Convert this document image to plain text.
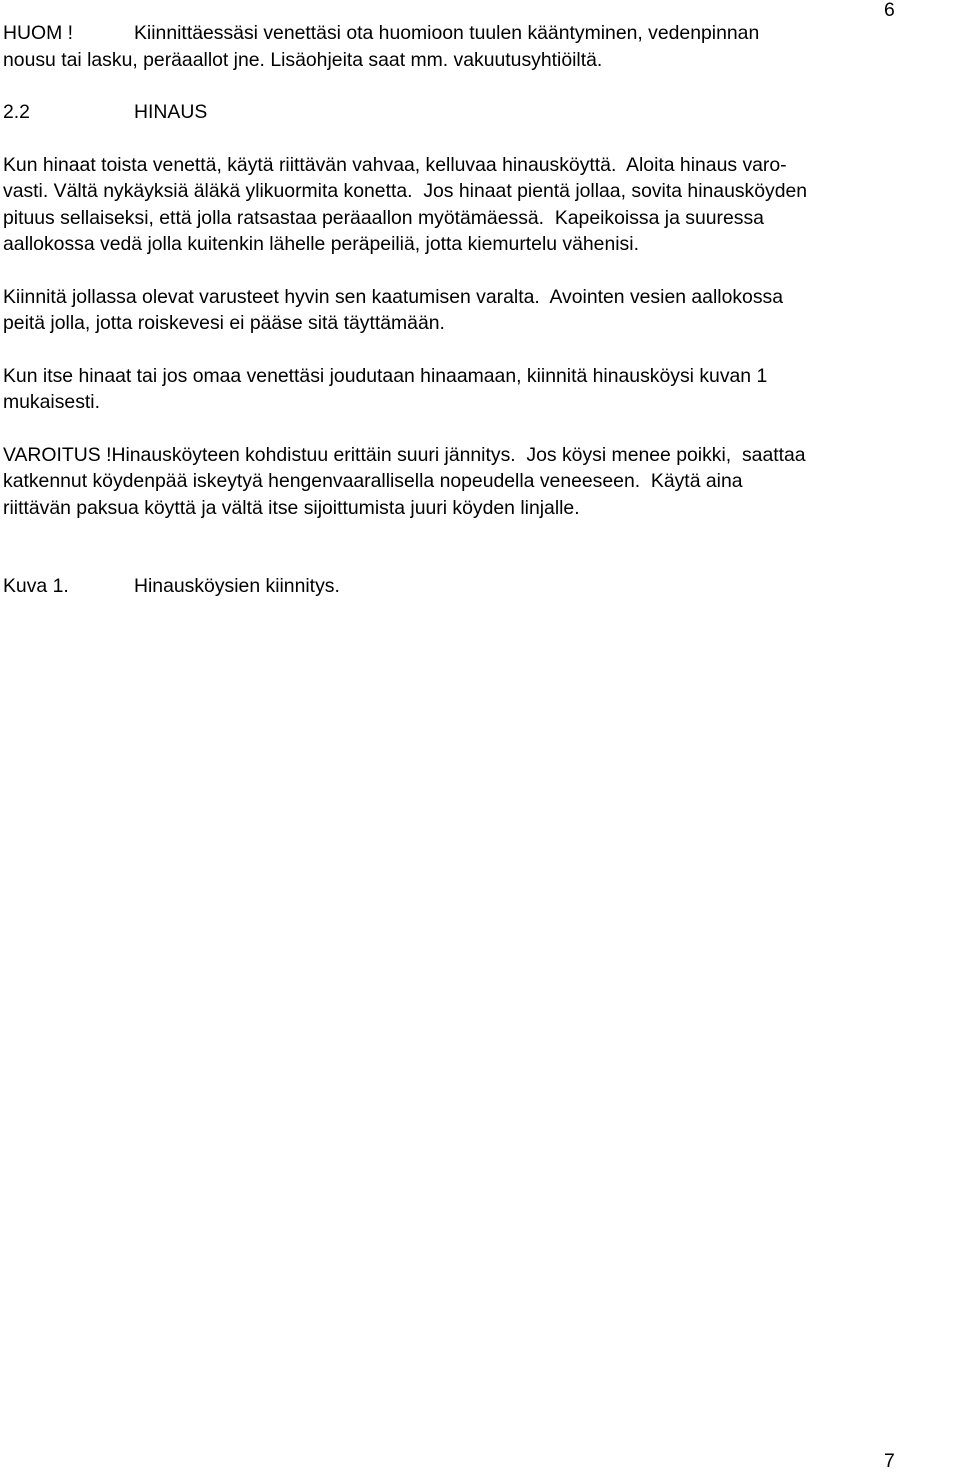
6
HUOM !	Kiinnittäessäsi venettäsi ota huomioon tuulen kääntyminen, vedenpinnan
nousu tai lasku, peräaallot jne. Lisäohjeita saat mm. vakuutusyhtiöiltä.
2.2	HINAUS
Kun hinaat toista venettä, käytä riittävän vahvaa, kelluvaa hinausköyttä.  Aloita hinaus varo-
vasti. Vältä nykäyksiä äläkä ylikuormita konetta.  Jos hinaat pientä jollaa, sovita hinausköyden
pituus sellaiseksi, että jolla ratsastaa peräaallon myötämäessä.  Kapeikoissa ja suuressa
aallokossa vedä jolla kuitenkin lähelle peräpeiliä, jotta kiemurtelu vähenisi.
Kiinnitä jollassa olevat varusteet hyvin sen kaatumisen varalta.  Avointen vesien aallokossa
peitä jolla, jotta roiskevesi ei pääse sitä täyttämään.
Kun itse hinaat tai jos omaa venettäsi joudutaan hinaamaan, kiinnitä hinausköysi kuvan 1
mukaisesti.
VAROITUS !Hinausköyteen kohdistuu erittäin suuri jännitys.  Jos köysi menee poikki,  saattaa
katkennut köydenpää iskeytyä hengenvaarallisella nopeudella veneeseen.  Käytä aina
riittävän paksua köyttä ja vältä itse sijoittumista juuri köyden linjalle.
Kuva 1.	Hinausköysien kiinnitys.
7
